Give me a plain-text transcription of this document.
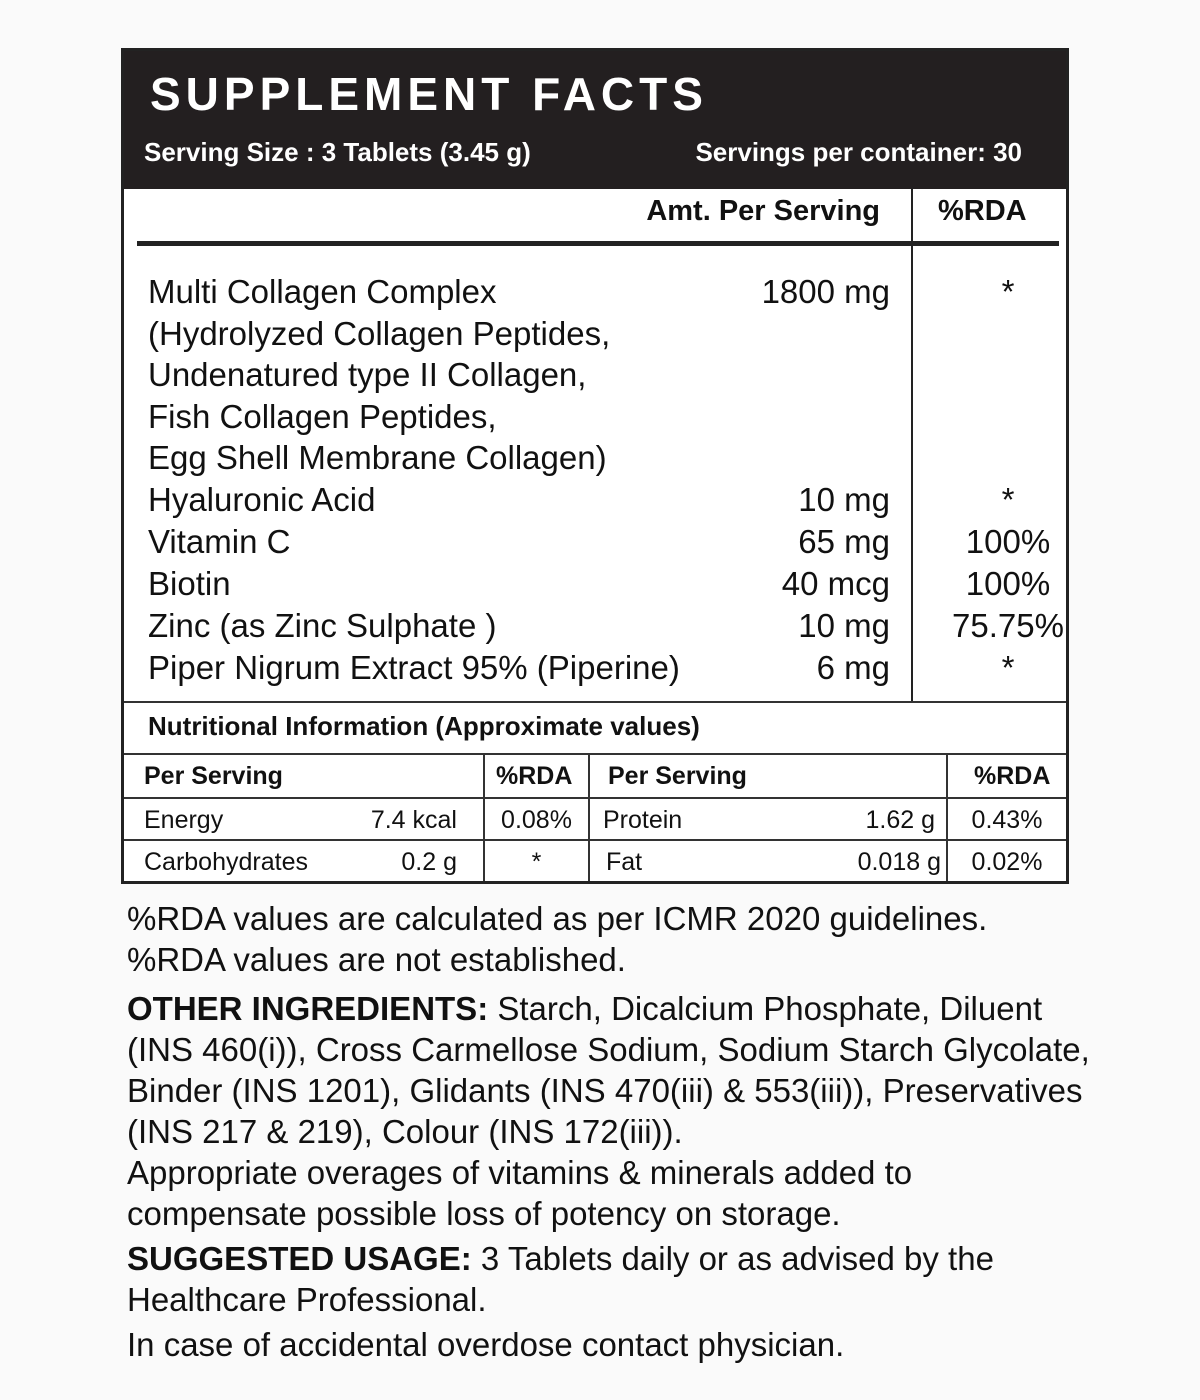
SUPPLEMENT FACTS
Serving Size : 3 Tablets (3.45 g)	Servings per container: 30
Amt. Per Serving %RDA
Multi Collagen Complex	1800 mg	*
(Hydrolyzed Collagen Peptides,
Undenatured type II Collagen,
Fish Collagen Peptides,
Egg Shell Membrane Collagen)
Hyaluronic Acid	10 mg	*
Vitamin C	65 mg	100%
Biotin	40 mcg	100%
Zinc (as Zinc Sulphate )	10 mg	75.75%
Piper Nigrum Extract 95% (Piperine)	6 mg	*
Nutritional Information (Approximate values)
Per Serving	%RDA Per Serving	%RDA
Energy	7.4 kcal	0.08%	Protein	1.62 g	0.43%
Carbohydrates	0.2 g	*	Fat	0.018 g	0.02%

%RDA values are calculated as per ICMR 2020 guidelines.

%RDA values are not established.

OTHER INGREDIENTS: Starch, Dicalcium Phosphate, Diluent (INS 460(i)), Cross Carmellose Sodium, Sodium Starch Glycolate, Binder (INS 1201), Glidants (INS 470(iii) & 553(iii)), Preservatives (INS 217 & 219), Colour (INS 172(iii)).

Appropriate overages of vitamins & minerals added to compensate possible loss of potency on storage.

SUGGESTED USAGE: 3 Tablets daily or as advised by the Healthcare Professional.

In case of accidental overdose contact physician.
